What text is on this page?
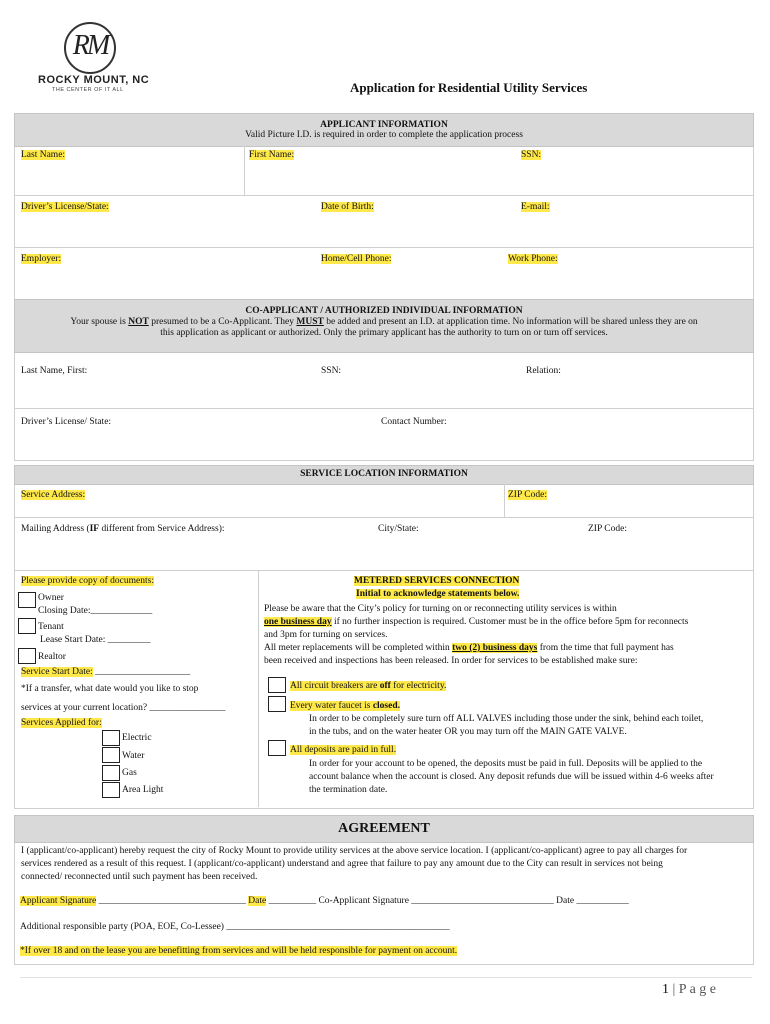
RM
ROCKY MOUNT, NC
THE CENTER OF IT ALL	Application for Residential Utility Services
APPLICANT INFORMATION
Valid Picture I.D. is required in order to complete the application process
Last Name:	First Name:	SSN:
Driver’s License/State:	Date of Birth:	E-mail:
Employer:	Home/Cell Phone:	Work Phone:
CO-APPLICANT / AUTHORIZED INDIVIDUAL INFORMATION
Your spouse is NOT presumed to be a Co-Applicant. They MUST be added and present an I.D. at application time. No information will be shared unless they are on
this application as applicant or authorized. Only the primary applicant has the authority to turn on or turn off services.
Last Name, First:	SSN:	Relation:
Driver’s License/ State:	Contact Number:
SERVICE LOCATION INFORMATION
Service Address:	ZIP Code:
Mailing Address (IF different from Service Address):	City/State:	ZIP Code:
Please provide copy of documents:
Owner
Closing Date:_____________
Tenant
Lease Start Date: _________
Realtor
Service Start Date: ____________________
*If a transfer, what date would you like to stop
services at your current location? ________________
Services Applied for:
Electric
Water
Gas
Area Light
METERED SERVICES CONNECTION
Initial to acknowledge statements below.
Please be aware that the City’s policy for turning on or reconnecting utility services is within
one business day if no further inspection is required. Customer must be in the office before 5pm for reconnects
and 3pm for turning on services.
All meter replacements will be completed within two (2) business days from the time that full payment has
been received and inspections has been released. In order for services to be established make sure:
All circuit breakers are off for electricity.
Every water faucet is closed.
In order to be completely sure turn off ALL VALVES including those under the sink, behind each toilet,
in the tubs, and on the water heater OR you may turn off the MAIN GATE VALVE.
All deposits are paid in full.
In order for your account to be opened, the deposits must be paid in full. Deposits will be applied to the
account balance when the account is closed. Any deposit refunds due will be issued within 4-6 weeks after
the termination date.
AGREEMENT
I (applicant/co-applicant) hereby request the city of Rocky Mount to provide utility services at the above service location. I (applicant/co-applicant) agree to pay all charges for
services rendered as a result of this request. I (applicant/co-applicant) understand and agree that failure to pay any amount due to the City can result in services not being
connected/ reconnected until such payment has been received.
Applicant Signature _______________________________ Date __________ Co-Applicant Signature ______________________________ Date ___________
Additional responsible party (POA, EOE, Co-Lessee) _______________________________________________
*If over 18 and on the lease you are benefitting from services and will be held responsible for payment on account.
1 | P a g e
